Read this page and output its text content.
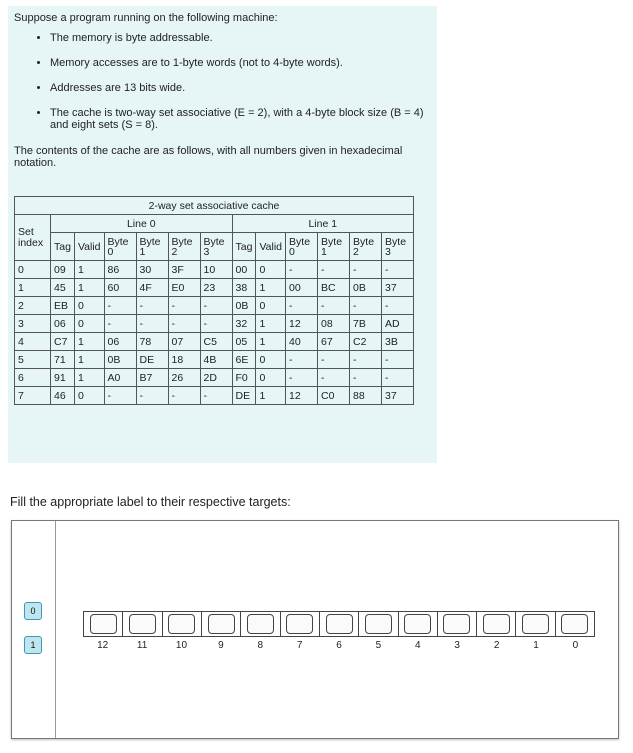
Suppose a program running on the following machine:

• The memory is byte addressable.
• Memory accesses are to 1-byte words (not to 4-byte words).
• Addresses are 13 bits wide.
• The cache is two-way set associative (E = 2), with a 4-byte block size (B = 4) and eight sets (S = 8).

The contents of the cache are as follows, with all numbers given in hexadecimal notation.

2-way set associative cache												
Set index	Line 0						Line 1					
	Tag	Valid	Byte 0	Byte 1	Byte 2	Byte 3	Tag	Valid	Byte 0	Byte 1	Byte 2	Byte 3
0	09	1	86	30	3F	10	00	0	-	-	-	-
1	45	1	60	4F	E0	23	38	1	00	BC	0B	37
2	EB	0	-	-	-	-	0B	0	-	-	-	-
3	06	0	-	-	-	-	32	1	12	08	7B	AD
4	C7	1	06	78	07	C5	05	1	40	67	C2	3B
5	71	1	0B	DE	18	4B	6E	0	-	-	-	-
6	91	1	A0	B7	26	2D	F0	0	-	-	-	-
7	46	0	-	-	-	-	DE	1	12	C0	88	37
Fill the appropriate label to their respective targets:
0
1	12	11	10	9	8	7	6	5	4	3	2	1	0
